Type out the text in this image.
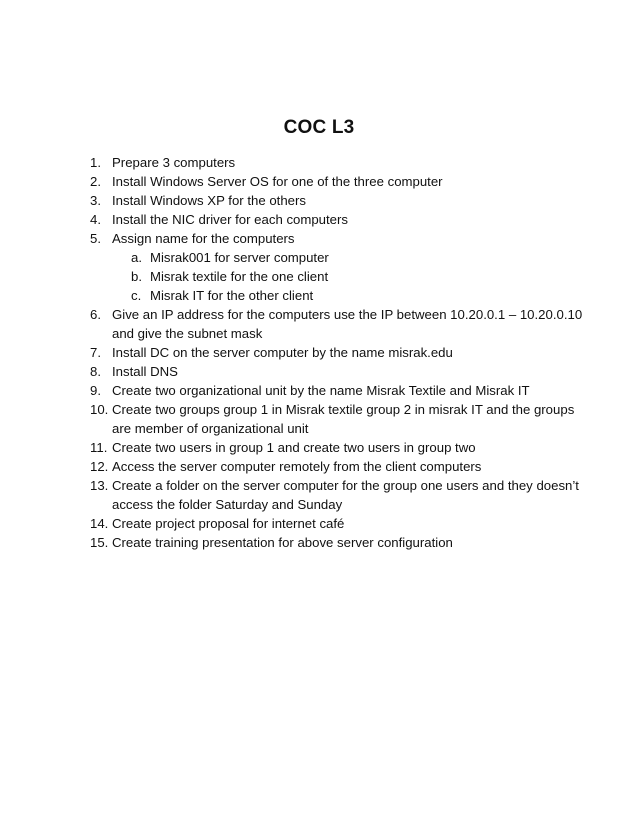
COC L3
1. Prepare 3 computers
2. Install Windows Server OS for one of the three computer
3. Install Windows XP for the others
4. Install the NIC driver for each computers
5. Assign name for the computers
a. Misrak001 for server computer
b. Misrak textile for the one client
c. Misrak IT for the other client
6. Give an IP address for the computers use the IP between 10.20.0.1 – 10.20.0.10
and give the subnet mask
7. Install DC on the server computer by the name misrak.edu
8. Install DNS
9. Create two organizational unit by the name Misrak Textile and Misrak IT
10. Create two groups group 1 in Misrak textile group 2 in misrak IT and the groups
are member of organizational unit
11. Create two users in group 1 and create two users in group two
12. Access the server computer remotely from the client computers
13. Create a folder on the server computer for the group one users and they doesn’t
access the folder Saturday and Sunday
14. Create project proposal for internet café
15. Create training presentation for above server configuration
